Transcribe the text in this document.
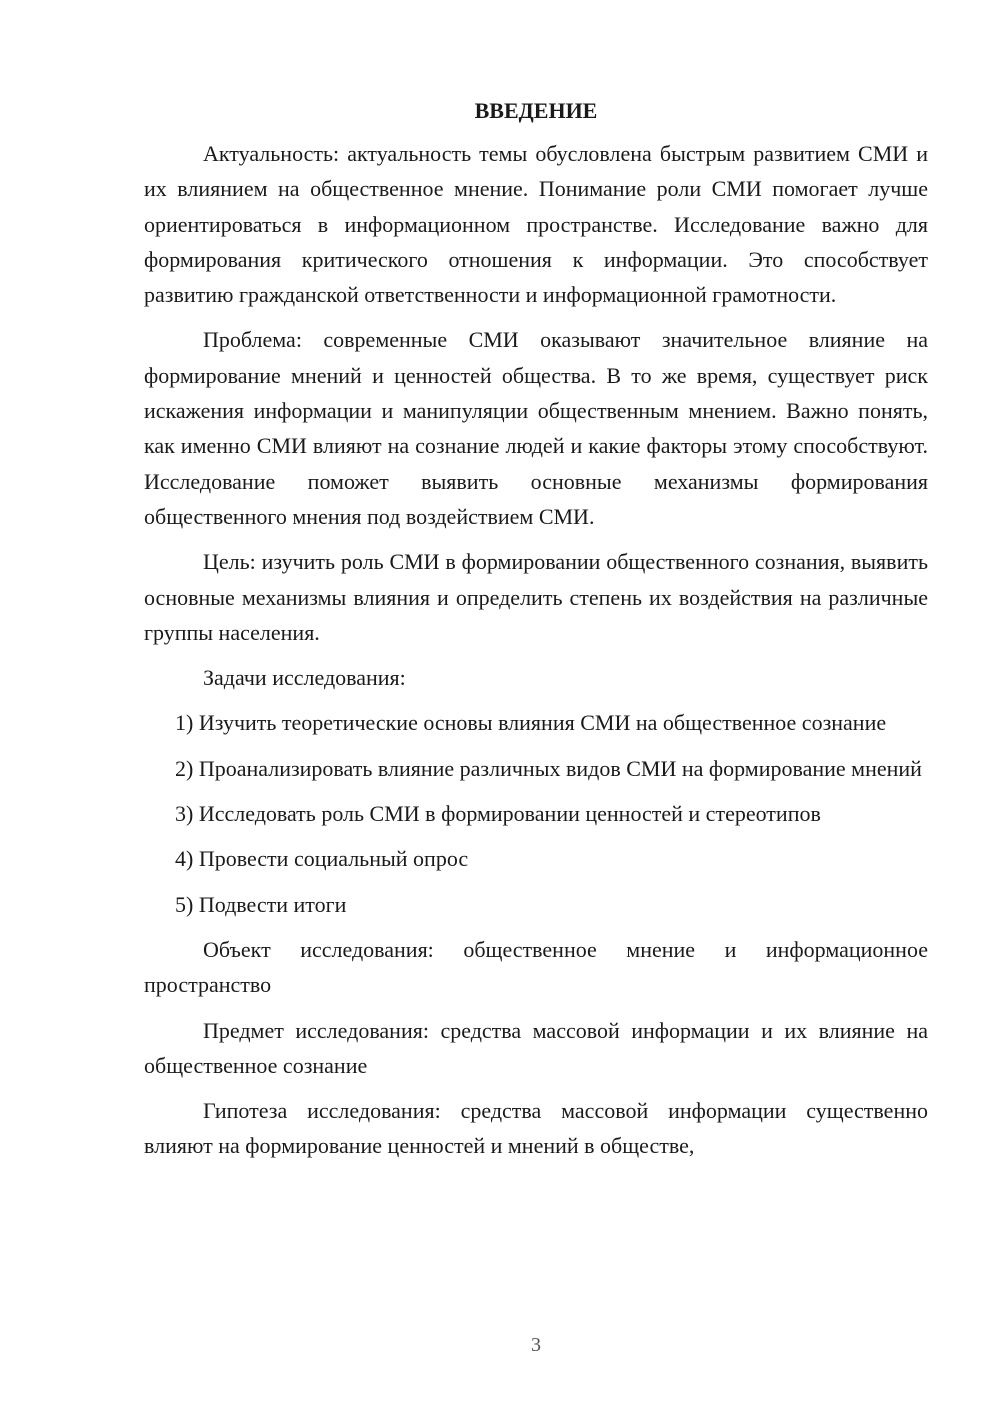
ВВЕДЕНИЕ

Актуальность: актуальность темы обусловлена быстрым развитием СМИ и их влиянием на общественное мнение. Понимание роли СМИ помогает лучше ориентироваться в информационном пространстве. Исследование важно для формирования критического отношения к информации. Это способствует развитию гражданской ответственности и информационной грамотности.

Проблема: современные СМИ оказывают значительное влияние на формирование мнений и ценностей общества. В то же время, существует риск искажения информации и манипуляции общественным мнением. Важно понять, как именно СМИ влияют на сознание людей и какие факторы этому способствуют. Исследование поможет выявить основные механизмы формирования общественного мнения под воздействием СМИ.

Цель: изучить роль СМИ в формировании общественного сознания, выявить основные механизмы влияния и определить степень их воздействия на различные группы населения.

Задачи исследования:

1) Изучить теоретические основы влияния СМИ на общественное сознание

2) Проанализировать влияние различных видов СМИ на формирование мнений

3) Исследовать роль СМИ в формировании ценностей и стереотипов

4) Провести социальный опрос

5) Подвести итоги

Объект исследования: общественное мнение и информационное пространство

Предмет исследования: средства массовой информации и их влияние на общественное сознание

Гипотеза исследования: средства массовой информации существенно влияют на формирование ценностей и мнений в обществе,

3
